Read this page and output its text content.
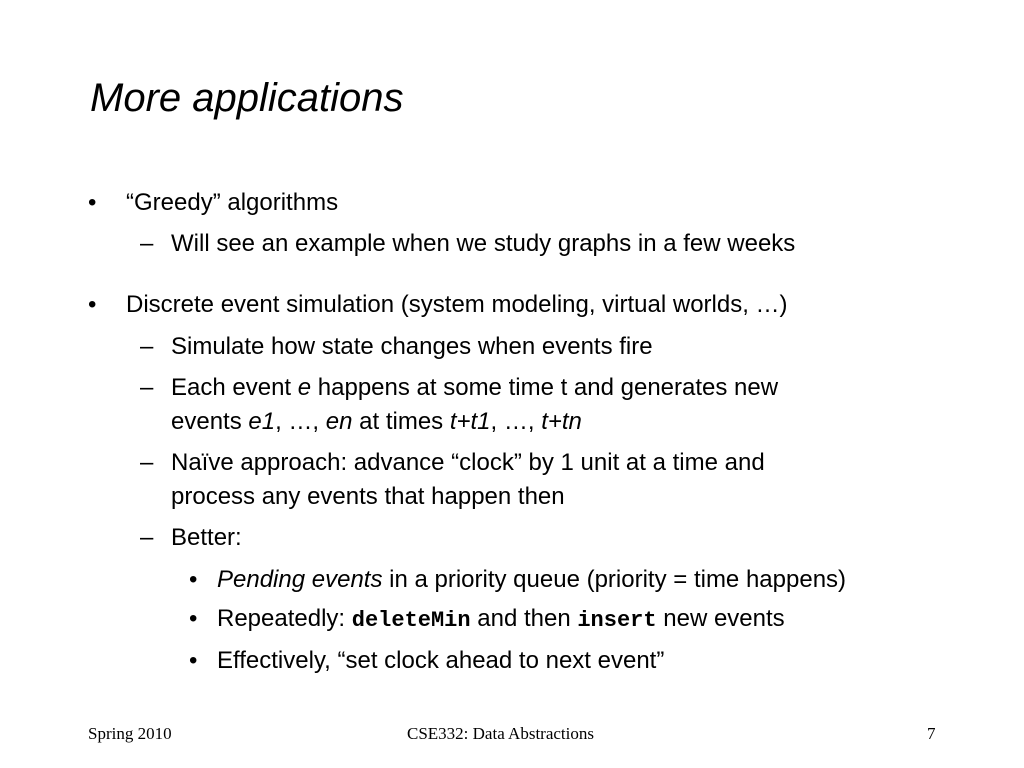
More applications
• “Greedy” algorithms
– Will see an example when we study graphs in a few weeks
• Discrete event simulation (system modeling, virtual worlds, …)
– Simulate how state changes when events fire
– Each event e happens at some time t and generates new
events e1, …, en at times t+t1, …, t+tn
– Naïve approach: advance “clock” by 1 unit at a time and
process any events that happen then
– Better:
• Pending events in a priority queue (priority = time happens)
• Repeatedly: deleteMin and then insert new events
• Effectively, “set clock ahead to next event”
Spring 2010	CSE332: Data Abstractions	7
